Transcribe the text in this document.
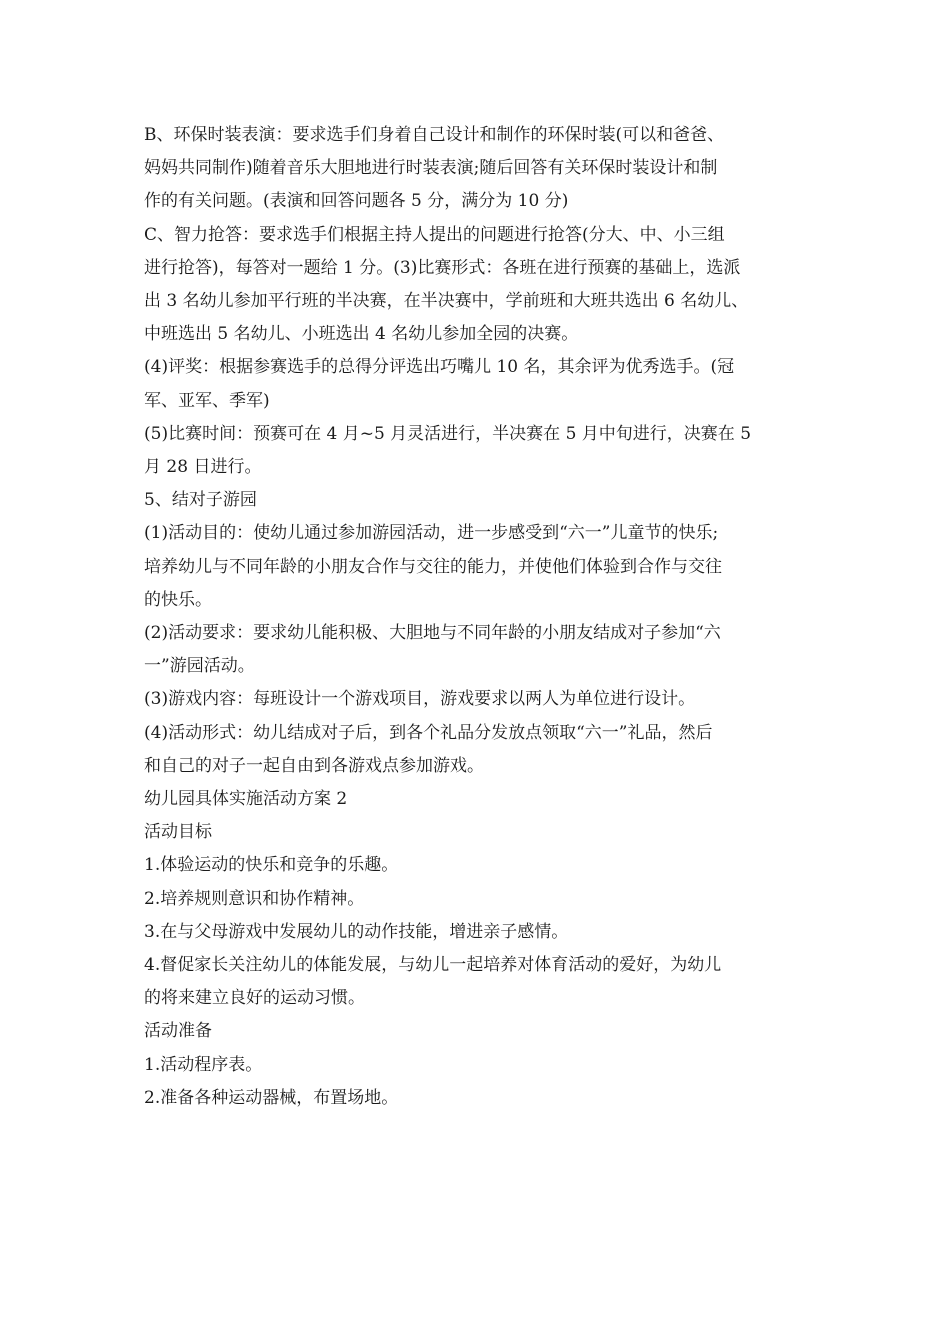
B、环保时装表演：要求选手们身着自己设计和制作的环保时装(可以和爸爸、

妈妈共同制作)随着音乐大胆地进行时装表演;随后回答有关环保时装设计和制

作的有关问题。(表演和回答问题各 5 分，满分为 10 分)

C、智力抢答：要求选手们根据主持人提出的问题进行抢答(分大、中、小三组

进行抢答)，每答对一题给 1 分。(3)比赛形式：各班在进行预赛的基础上，选派

出 3 名幼儿参加平行班的半决赛，在半决赛中，学前班和大班共选出 6 名幼儿、

中班选出 5 名幼儿、小班选出 4 名幼儿参加全园的决赛。

(4)评奖：根据参赛选手的总得分评选出巧嘴儿 10 名，其余评为优秀选手。(冠

军、亚军、季军)

(5)比赛时间：预赛可在 4 月~5 月灵活进行，半决赛在 5 月中旬进行，决赛在 5

月 28 日进行。

5、结对子游园

(1)活动目的：使幼儿通过参加游园活动，进一步感受到“六一”儿童节的快乐;

培养幼儿与不同年龄的小朋友合作与交往的能力，并使他们体验到合作与交往

的快乐。

(2)活动要求：要求幼儿能积极、大胆地与不同年龄的小朋友结成对子参加“六

一”游园活动。

(3)游戏内容：每班设计一个游戏项目，游戏要求以两人为单位进行设计。

(4)活动形式：幼儿结成对子后，到各个礼品分发放点领取“六一”礼品，然后

和自己的对子一起自由到各游戏点参加游戏。

幼儿园具体实施活动方案 2

活动目标

1.体验运动的快乐和竞争的乐趣。

2.培养规则意识和协作精神。

3.在与父母游戏中发展幼儿的动作技能，增进亲子感情。

4.督促家长关注幼儿的体能发展，与幼儿一起培养对体育活动的爱好，为幼儿

的将来建立良好的运动习惯。

活动准备

1.活动程序表。

2.准备各种运动器械，布置场地。
